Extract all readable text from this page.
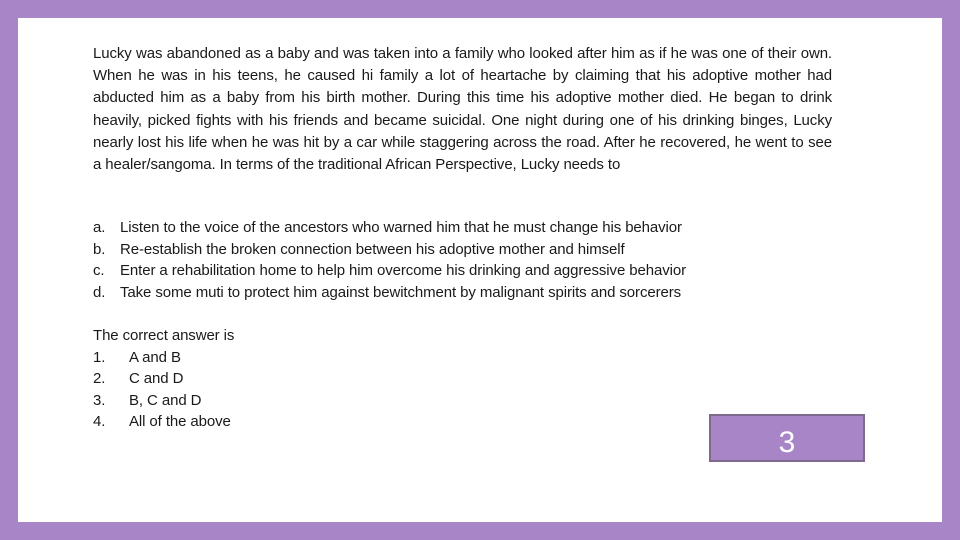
Lucky was abandoned as a baby and was taken into a family who looked after him as if he was one of their own. When he was in his teens, he caused hi family a lot of heartache by claiming that his adoptive mother had abducted him as a baby from his birth mother. During this time his adoptive mother died. He began to drink heavily, picked fights with his friends and became suicidal. One night during one of his drinking binges, Lucky nearly lost his life when he was hit by a car while staggering across the road. After he recovered, he went to see a healer/sangoma. In terms of the traditional African Perspective, Lucky needs to

a. Listen to the voice of the ancestors who warned him that he must change his behavior
b. Re-establish the broken connection between his adoptive mother and himself
c.	Enter a rehabilitation home to help him overcome his drinking and aggressive behavior
d. Take some muti to protect him against bewitchment by malignant spirits and sorcerers
The correct answer is
1.	A and B
2.	C and D
3.	B, C and D
4.	All of the above
3
